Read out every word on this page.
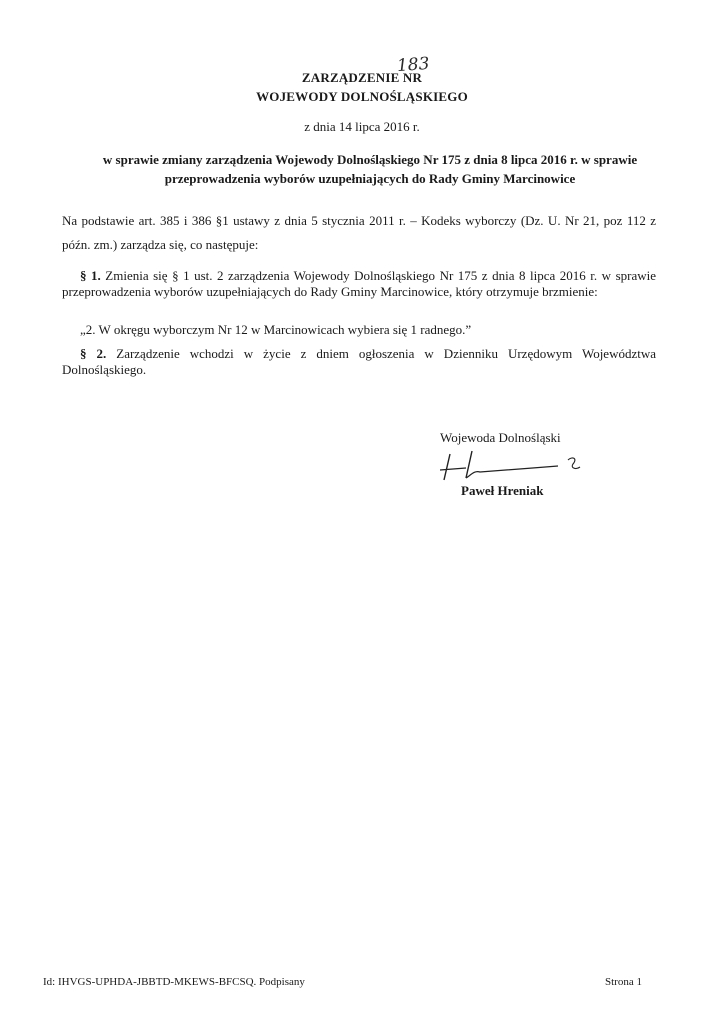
ZARZĄDZENIE NR
183
WOJEWODY DOLNOŚLĄSKIEGO
z dnia 14 lipca 2016 r.
w sprawie zmiany zarządzenia Wojewody Dolnośląskiego Nr 175 z dnia 8 lipca 2016 r. w sprawie przeprowadzenia wyborów uzupełniających do Rady Gminy Marcinowice
Na podstawie art. 385 i 386 §1 ustawy z dnia 5 stycznia 2011 r. – Kodeks wyborczy (Dz. U. Nr 21, poz 112 z późn. zm.) zarządza się, co następuje:
§ 1. Zmienia się § 1 ust. 2 zarządzenia Wojewody Dolnośląskiego Nr 175 z dnia 8 lipca 2016 r. w sprawie przeprowadzenia wyborów uzupełniających do Rady Gminy Marcinowice, który otrzymuje brzmienie:
„2. W okręgu wyborczym Nr 12 w Marcinowicach wybiera się 1 radnego.”
§ 2. Zarządzenie wchodzi w życie z dniem ogłoszenia w Dzienniku Urzędowym Województwa Dolnośląskiego.
Wojewoda Dolnośląski
Paweł Hreniak
Id: IHVGS-UPHDA-JBBTD-MKEWS-BFCSQ. Podpisany	Strona 1
